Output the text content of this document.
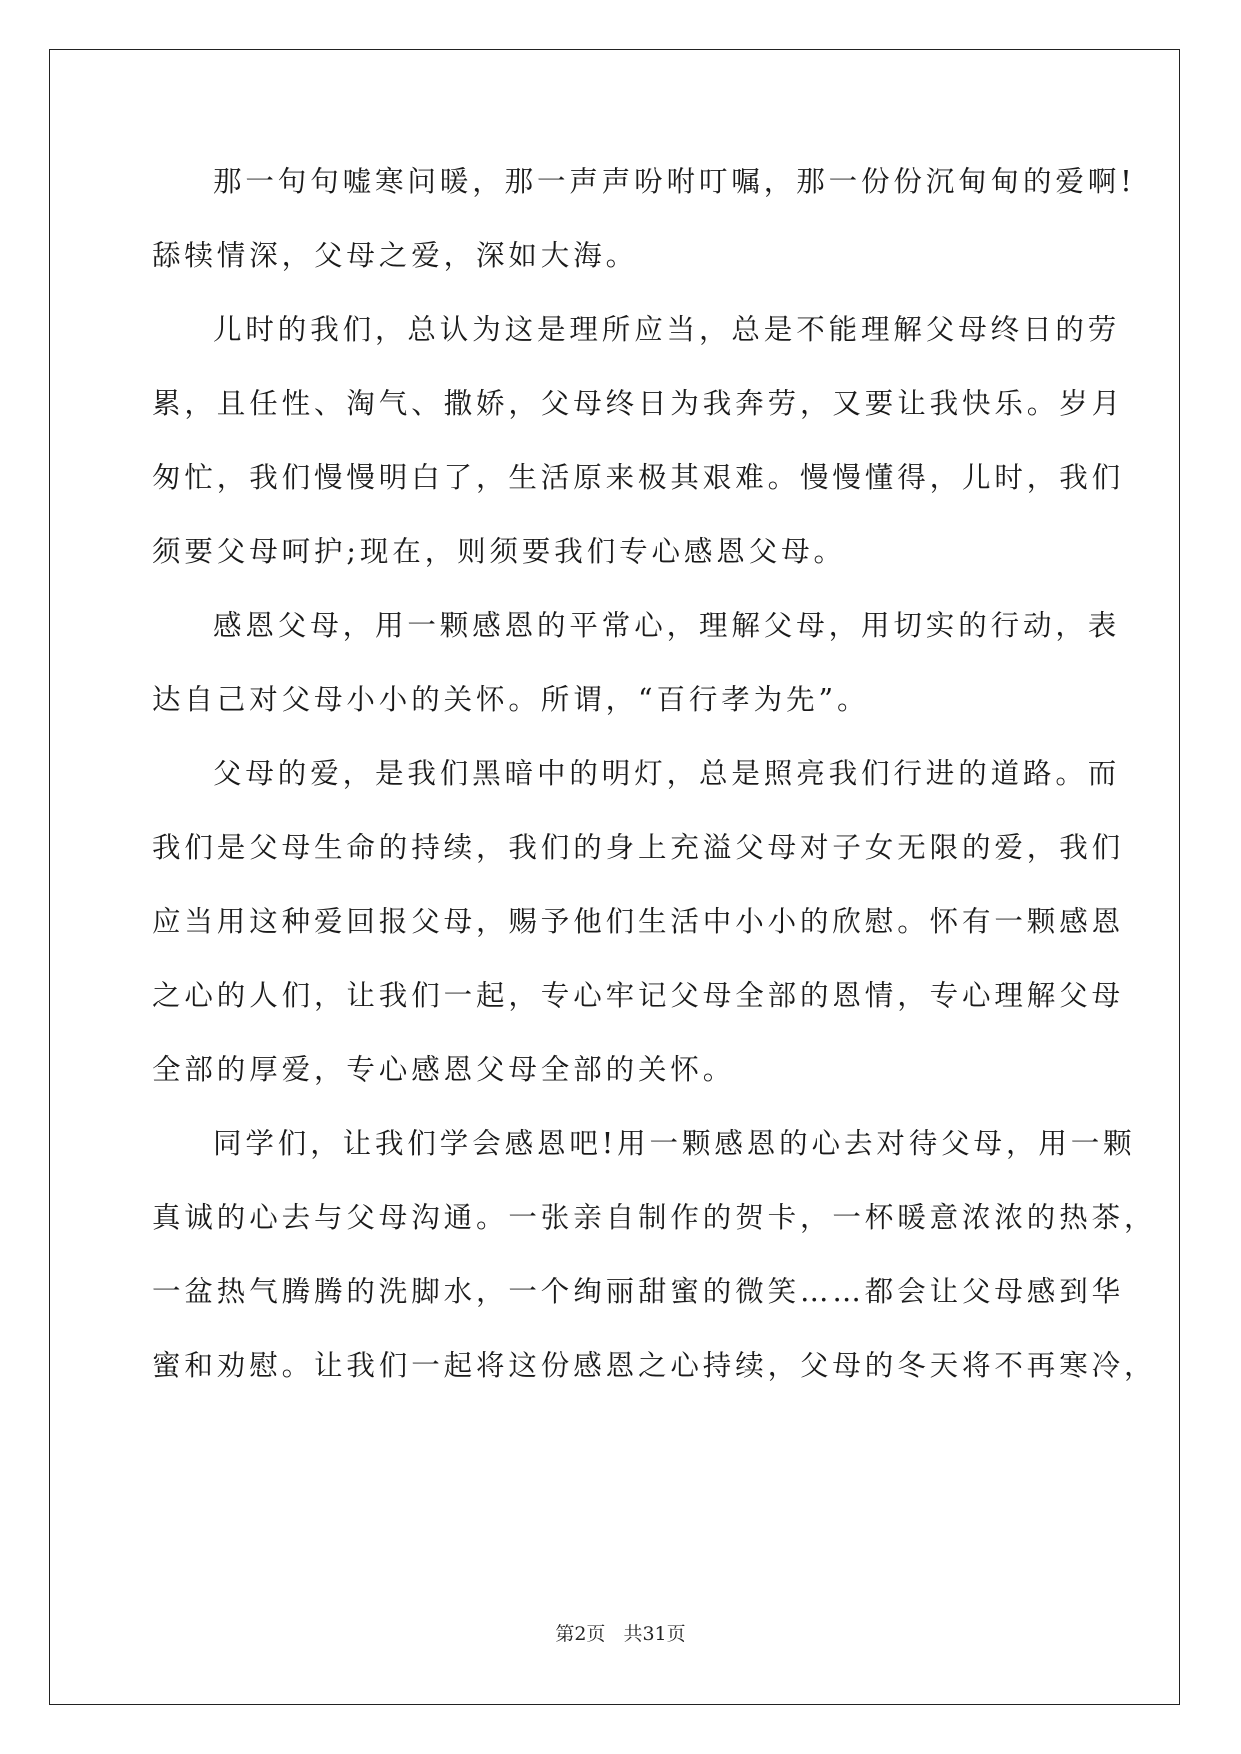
那一句句嘘寒问暖，那一声声吩咐叮嘱，那一份份沉甸甸的爱啊!
舔犊情深，父母之爱，深如大海。
儿时的我们，总认为这是理所应当，总是不能理解父母终日的劳
累，且任性、淘气、撒娇，父母终日为我奔劳，又要让我快乐。岁月
匆忙，我们慢慢明白了，生活原来极其艰难。慢慢懂得，儿时，我们
须要父母呵护;现在，则须要我们专心感恩父母。
感恩父母，用一颗感恩的平常心，理解父母，用切实的行动，表
达自己对父母小小的关怀。所谓，“百行孝为先”。
父母的爱，是我们黑暗中的明灯，总是照亮我们行进的道路。而
我们是父母生命的持续，我们的身上充溢父母对子女无限的爱，我们
应当用这种爱回报父母，赐予他们生活中小小的欣慰。怀有一颗感恩
之心的人们，让我们一起，专心牢记父母全部的恩情，专心理解父母
全部的厚爱，专心感恩父母全部的关怀。
同学们，让我们学会感恩吧!用一颗感恩的心去对待父母，用一颗
真诚的心去与父母沟通。一张亲自制作的贺卡，一杯暖意浓浓的热茶，
一盆热气腾腾的洗脚水，一个绚丽甜蜜的微笑……都会让父母感到华
蜜和劝慰。让我们一起将这份感恩之心持续，父母的冬天将不再寒冷，
第2页 共31页
